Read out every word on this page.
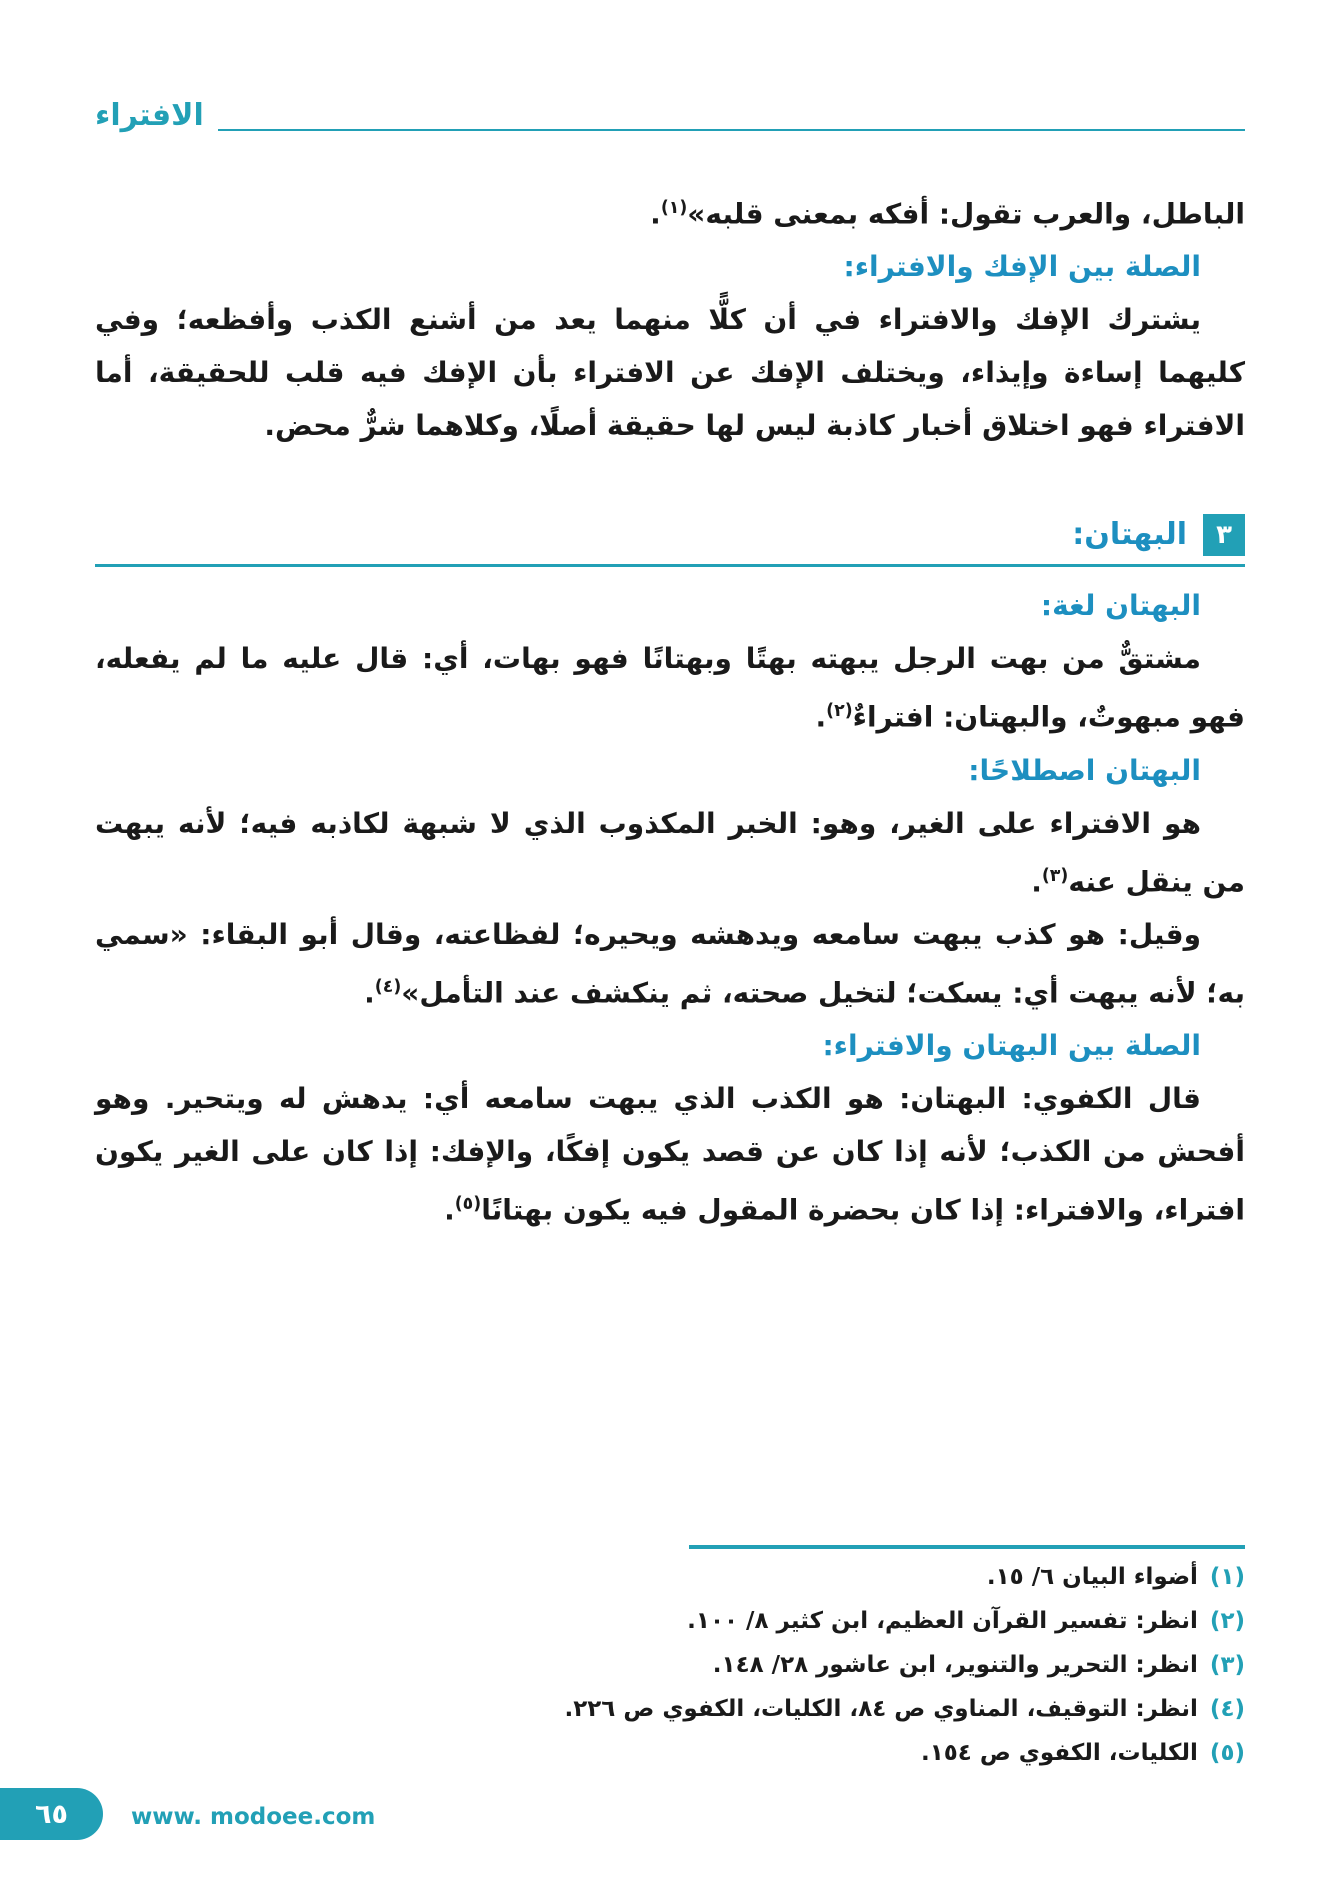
الافتراء

الباطل، والعرب تقول: أفكه بمعنى قلبه»$^{(١)}$.

الصلة بين الإفك والافتراء:

يشترك الإفك والافتراء في أن كلًّا منهما يعد من أشنع الكذب وأفظعه؛ وفي كليهما إساءة وإيذاء، ويختلف الإفك عن الافتراء بأن الإفك فيه قلب للحقيقة، أما الافتراء فهو اختلاق أخبار كاذبة ليس لها حقيقة أصلًا، وكلاهما شرٌّ محض.

٣
البهتان:
البهتان لغة:

مشتقٌّ من بهت الرجل يبهته بهتًا وبهتانًا فهو بهات، أي: قال عليه ما لم يفعله، فهو مبهوتٌ، والبهتان: افتراءٌ$^{(٢)}$.

البهتان اصطلاحًا:

هو الافتراء على الغير، وهو: الخبر المكذوب الذي لا شبهة لكاذبه فيه؛ لأنه يبهت من ينقل عنه$^{(٣)}$.

وقيل: هو كذب يبهت سامعه ويدهشه ويحيره؛ لفظاعته، وقال أبو البقاء: «سمي به؛ لأنه يبهت أي: يسكت؛ لتخيل صحته، ثم ينكشف عند التأمل»$^{(٤)}$.

الصلة بين البهتان والافتراء:

قال الكفوي: البهتان: هو الكذب الذي يبهت سامعه أي: يدهش له ويتحير. وهو أفحش من الكذب؛ لأنه إذا كان عن قصد يكون إفكًا، والإفك: إذا كان على الغير يكون افتراء، والافتراء: إذا كان بحضرة المقول فيه يكون بهتانًا$^{(٥)}$.

(١)
أضواء البيان ٦/ ١٥.
(٢)
انظر: تفسير القرآن العظيم، ابن كثير ٨/ ١٠٠.
(٣)
انظر: التحرير والتنوير، ابن عاشور ٢٨/ ١٤٨.
(٤)
انظر: التوقيف، المناوي ص ٨٤، الكليات، الكفوي ص ٢٢٦.
(٥)
الكليات، الكفوي ص ١٥٤.
٦٥	www. modoee.com
